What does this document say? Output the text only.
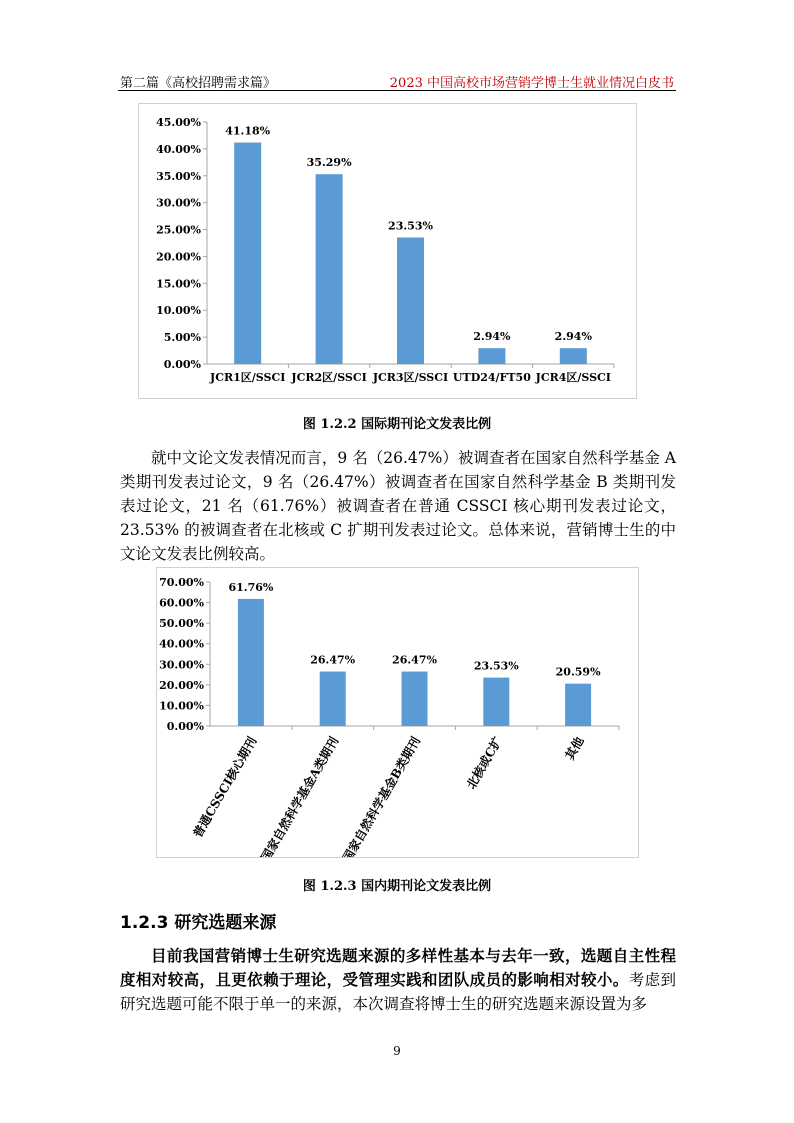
第二篇《高校招聘需求篇》	2023 中国高校市场营销学博士生就业情况白皮书
0.00%
5.00%
10.00%
15.00%
20.00%
25.00%
30.00%
35.00%
40.00%
45.00%
41.18%
JCR1区/SSCI
35.29%
JCR2区/SSCI
23.53%
JCR3区/SSCI
2.94%
UTD24/FT50
2.94%
JCR4区/SSCI
图 1.2.2 国际期刊论文发表比例

就中文论文发表情况而言，9 名（26.47%）被调查者在国家自然科学基金 A 类期刊发表过论文，9 名（26.47%）被调查者在国家自然科学基金 B 类期刊发表过论文，21 名（61.76%）被调查者在普通 CSSCI 核心期刊发表过论文，23.53% 的被调查者在北核或 C 扩期刊发表过论文。总体来说，营销博士生的中文论文发表比例较高。

0.00%
10.00%
20.00%
30.00%
40.00%
50.00%
60.00%
70.00% 61.76%
普通CSSCI核心期刊
26.47%
国家自然科学基金A类期刊
26.47%
国家自然科学基金B类期刊
23.53%
北核或C扩
20.59%
其他
图 1.2.3 国内期刊论文发表比例
1.2.3 研究选题来源

目前我国营销博士生研究选题来源的多样性基本与去年一致，选题自主性程度相对较高，且更依赖于理论，受管理实践和团队成员的影响相对较小。考虑到研究选题可能不限于单一的来源，本次调查将博士生的研究选题来源设置为多

9
